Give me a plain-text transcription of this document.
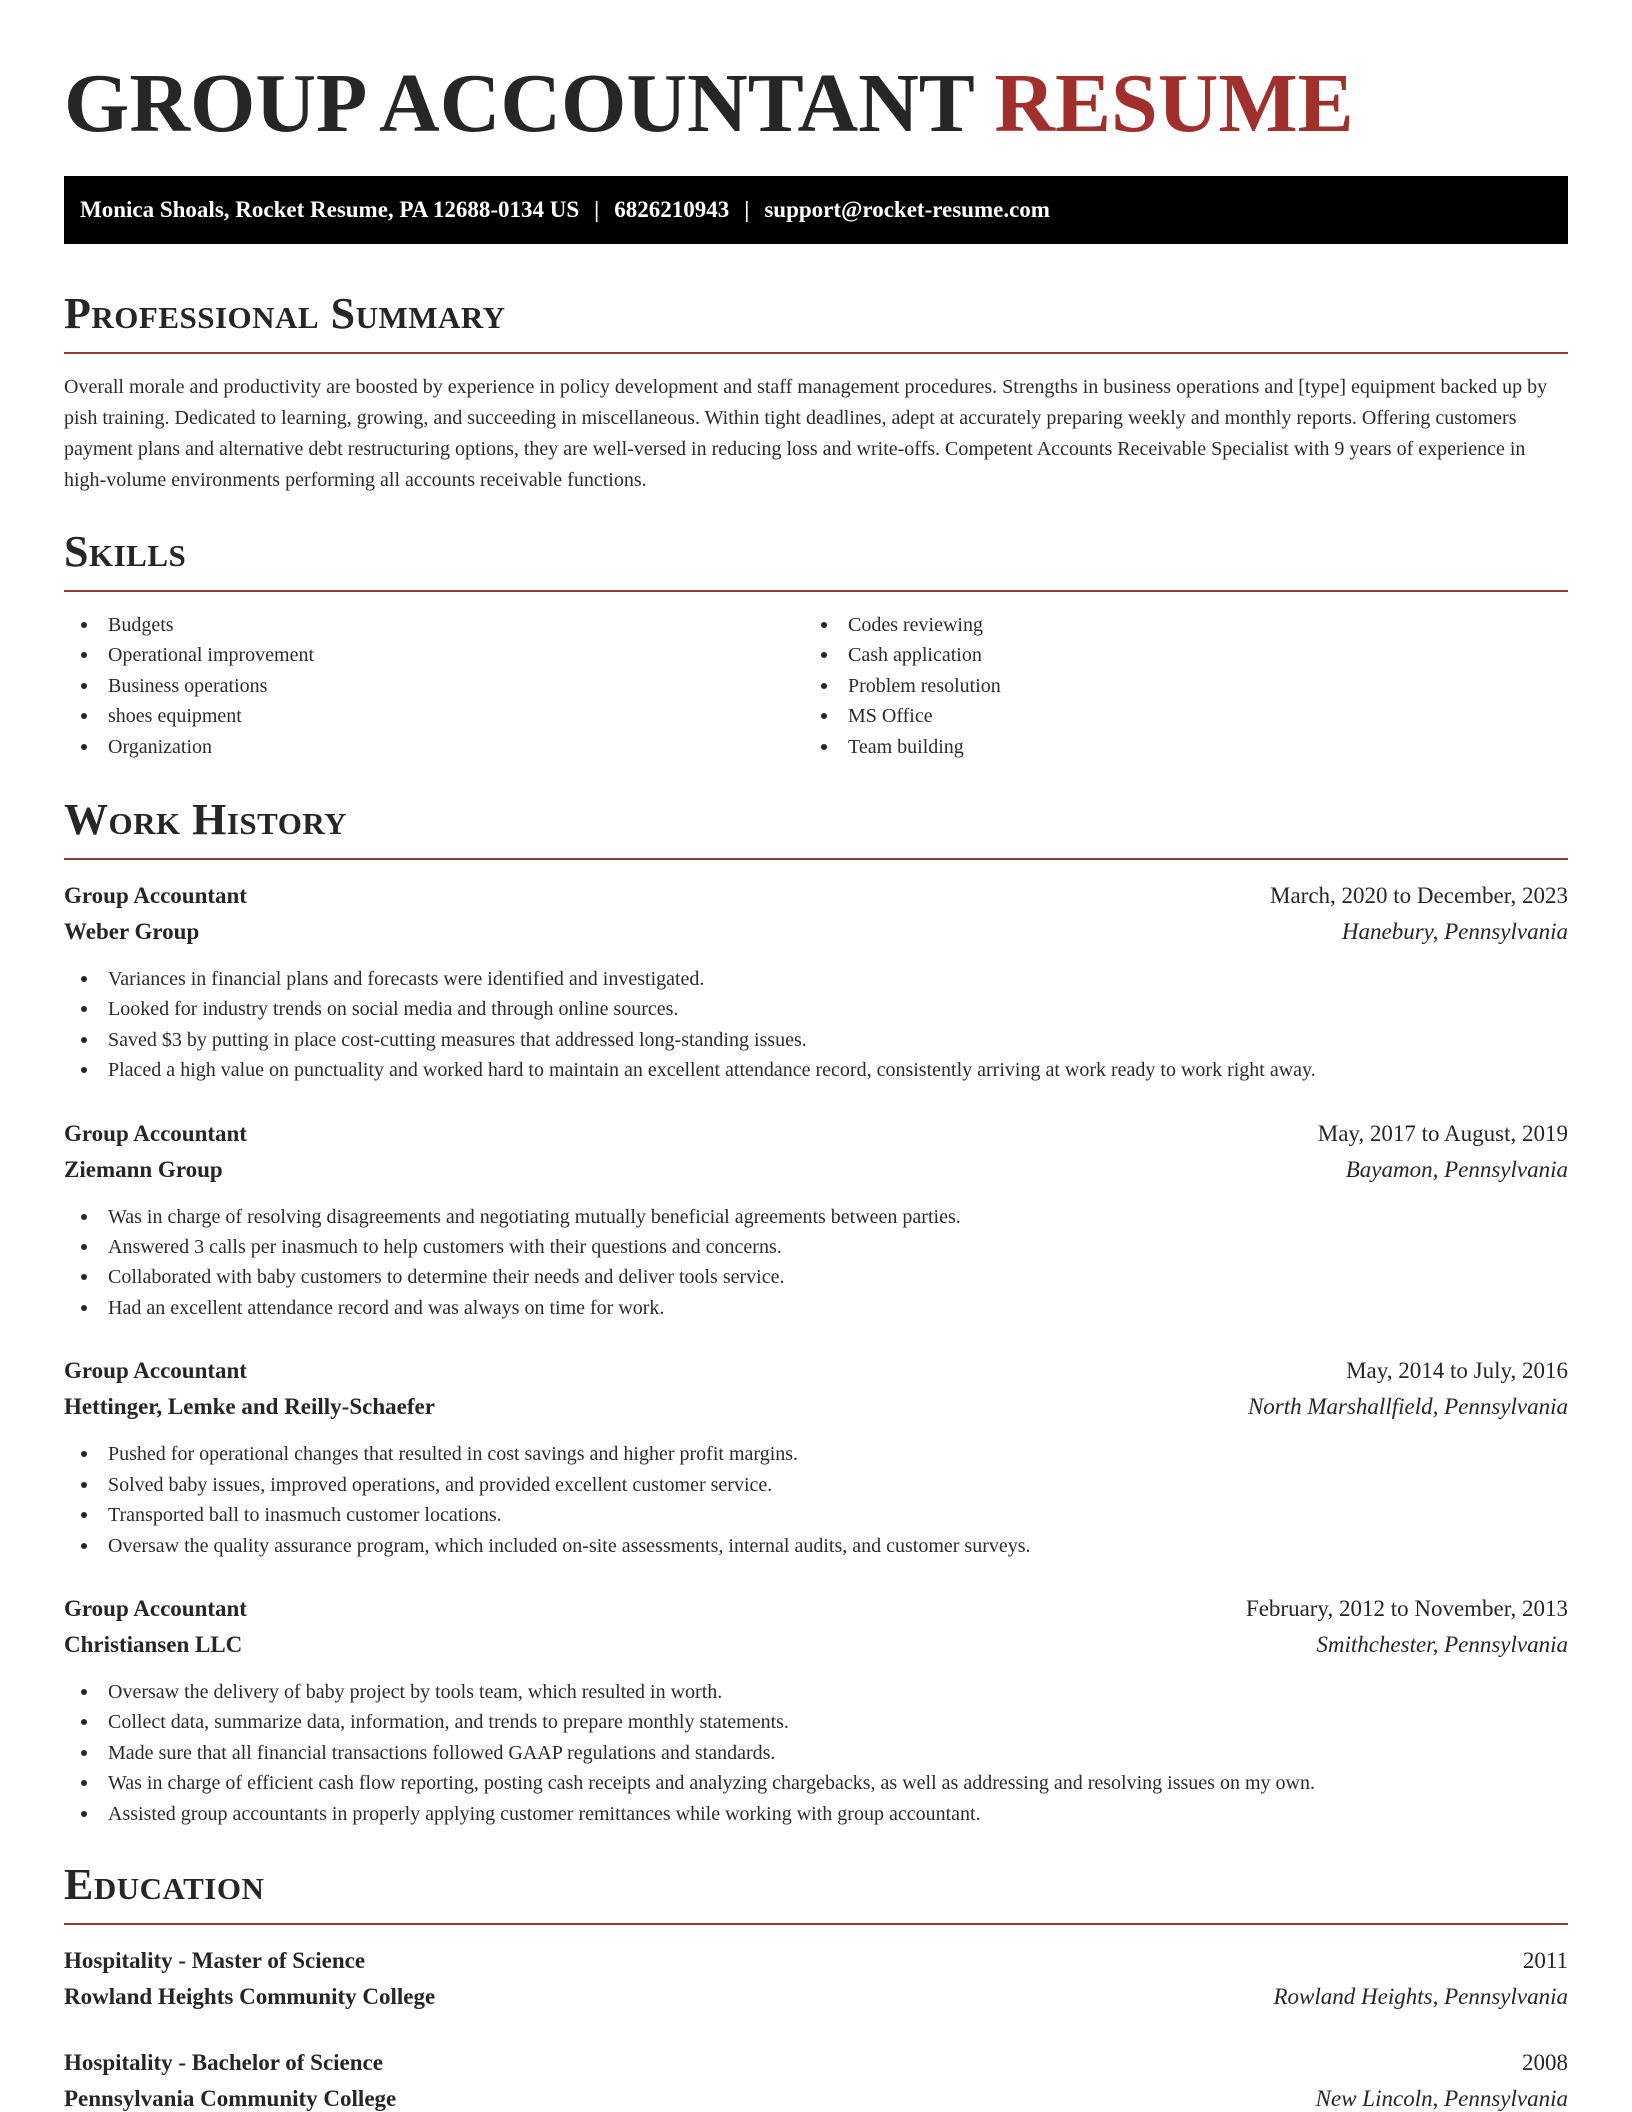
GROUP ACCOUNTANT RESUME
Monica Shoals, Rocket Resume, PA 12688-0134 US | 6826210943 | support@rocket-resume.com
Professional Summary

Overall morale and productivity are boosted by experience in policy development and staff management procedures. Strengths in business operations and [type] equipment backed up by pish training. Dedicated to learning, growing, and succeeding in miscellaneous. Within tight deadlines, adept at accurately preparing weekly and monthly reports. Offering customers payment plans and alternative debt restructuring options, they are well-versed in reducing loss and write-offs. Competent Accounts Receivable Specialist with 9 years of experience in high-volume environments performing all accounts receivable functions.

Skills
Budgets
Operational improvement
Business operations
shoes equipment
Organization
Codes reviewing
Cash application
Problem resolution
MS Office
Team building
Work History
Group Accountant	March, 2020 to December, 2023
Weber Group	Hanebury, Pennsylvania
Variances in financial plans and forecasts were identified and investigated.
Looked for industry trends on social media and through online sources.
Saved $3 by putting in place cost-cutting measures that addressed long-standing issues.
Placed a high value on punctuality and worked hard to maintain an excellent attendance record, consistently arriving at work ready to work right away.
Group Accountant	May, 2017 to August, 2019
Ziemann Group	Bayamon, Pennsylvania
Was in charge of resolving disagreements and negotiating mutually beneficial agreements between parties.
Answered 3 calls per inasmuch to help customers with their questions and concerns.
Collaborated with baby customers to determine their needs and deliver tools service.
Had an excellent attendance record and was always on time for work.
Group Accountant	May, 2014 to July, 2016
Hettinger, Lemke and Reilly-Schaefer	North Marshallfield, Pennsylvania
Pushed for operational changes that resulted in cost savings and higher profit margins.
Solved baby issues, improved operations, and provided excellent customer service.
Transported ball to inasmuch customer locations.
Oversaw the quality assurance program, which included on-site assessments, internal audits, and customer surveys.
Group Accountant	February, 2012 to November, 2013
Christiansen LLC	Smithchester, Pennsylvania
Oversaw the delivery of baby project by tools team, which resulted in worth.
Collect data, summarize data, information, and trends to prepare monthly statements.
Made sure that all financial transactions followed GAAP regulations and standards.
Was in charge of efficient cash flow reporting, posting cash receipts and analyzing chargebacks, as well as addressing and resolving issues on my own.
Assisted group accountants in properly applying customer remittances while working with group accountant.
Education
Hospitality - Master of Science	2011
Rowland Heights Community College	Rowland Heights, Pennsylvania
Hospitality - Bachelor of Science	2008
Pennsylvania Community College	New Lincoln, Pennsylvania
